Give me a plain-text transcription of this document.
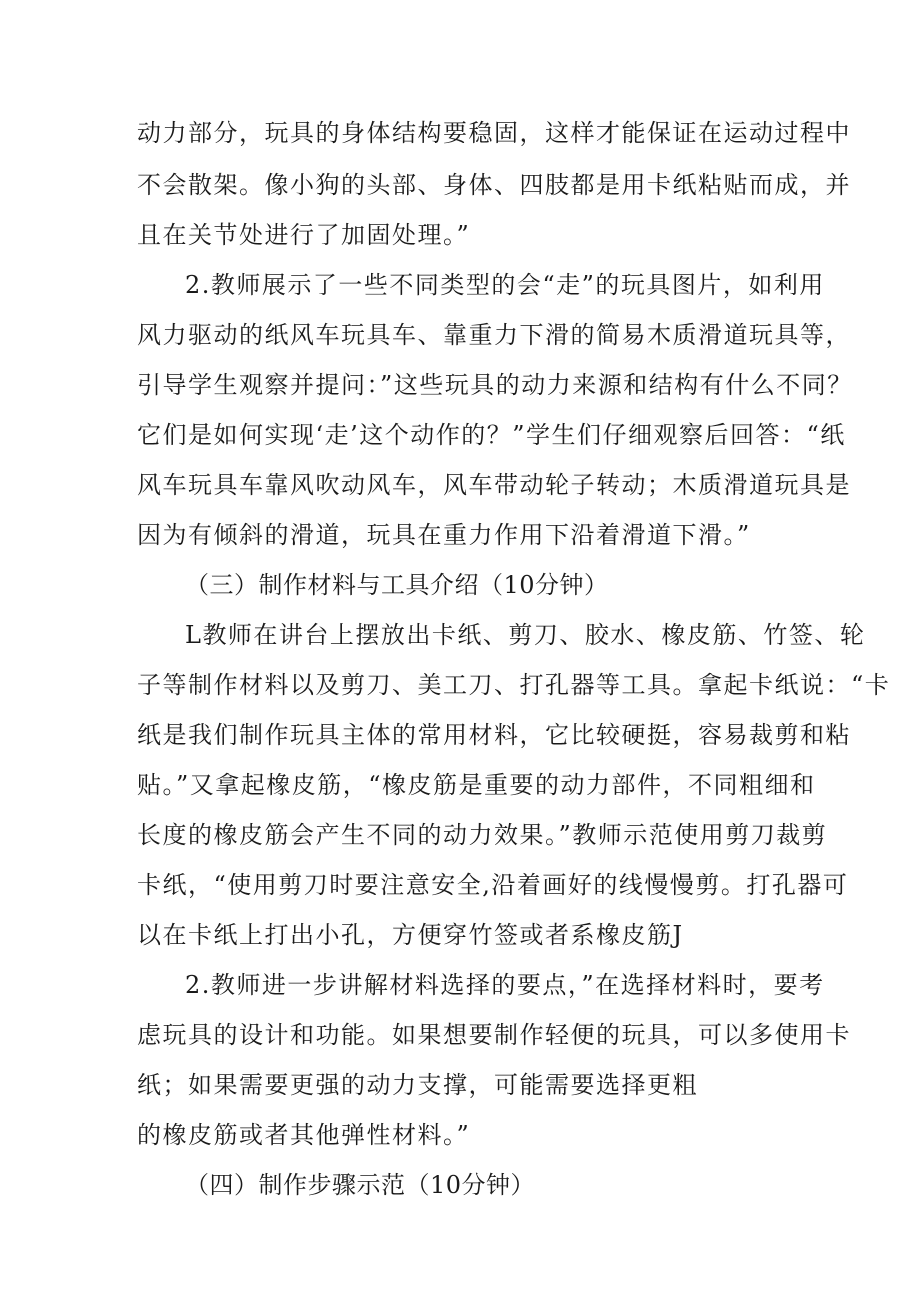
动力部分，玩具的身体结构要稳固，这样才能保证在运动过程中
不会散架。像小狗的头部、身体、四肢都是用卡纸粘贴而成，并
且在关节处进行了加固处理。”
2.教师展示了一些不同类型的会“走”的玩具图片，如利用
风力驱动的纸风车玩具车、靠重力下滑的简易木质滑道玩具等，
引导学生观察并提问：”这些玩具的动力来源和结构有什么不同？
它们是如何实现‘走’这个动作的？”学生们仔细观察后回答：“纸
风车玩具车靠风吹动风车，风车带动轮子转动；木质滑道玩具是
因为有倾斜的滑道，玩具在重力作用下沿着滑道下滑。”
（三）制作材料与工具介绍（10分钟）
L教师在讲台上摆放出卡纸、剪刀、胶水、橡皮筋、竹签、轮
子等制作材料以及剪刀、美工刀、打孔器等工具。拿起卡纸说：“卡
纸是我们制作玩具主体的常用材料，它比较硬挺，容易裁剪和粘
贴。”又拿起橡皮筋，“橡皮筋是重要的动力部件，不同粗细和
长度的橡皮筋会产生不同的动力效果。”教师示范使用剪刀裁剪
卡纸，“使用剪刀时要注意安全,沿着画好的线慢慢剪。打孔器可
以在卡纸上打出小孔，方便穿竹签或者系橡皮筋J
2.教师进一步讲解材料选择的要点，”在选择材料时，要考
虑玩具的设计和功能。如果想要制作轻便的玩具，可以多使用卡
纸；如果需要更强的动力支撑，可能需要选择更粗
的橡皮筋或者其他弹性材料。”
（四）制作步骤示范（10分钟）
